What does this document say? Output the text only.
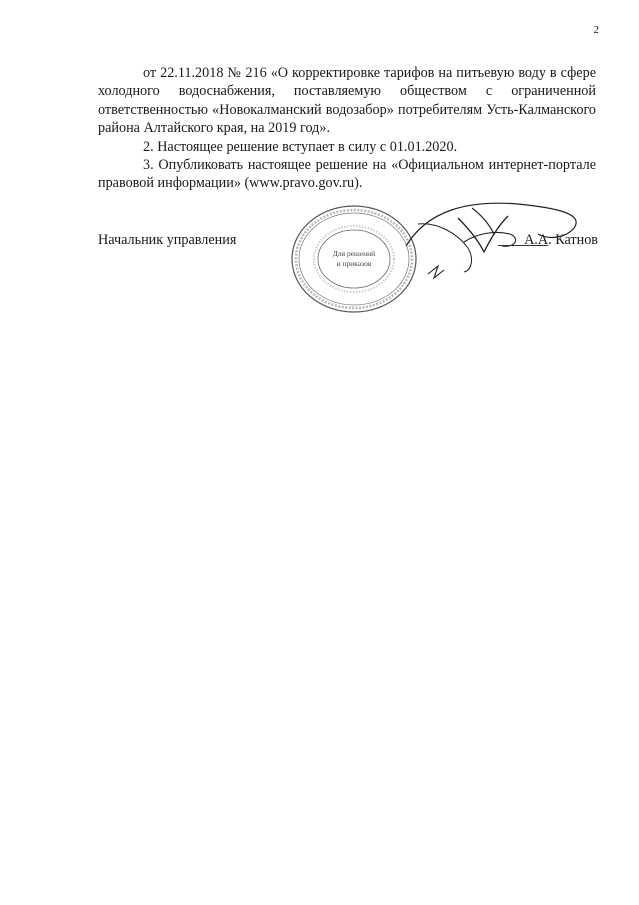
2

от 22.11.2018 № 216 «О корректировке тарифов на питьевую воду в сфере холодного водоснабжения, поставляемую обществом с ограниченной ответственностью «Новокалманский водозабор» потребителям Усть-Калманского района Алтайского края, на 2019 год».

2. Настоящее решение вступает в силу с 01.01.2020.

3. Опубликовать настоящее решение на «Официальном интернет-портале правовой информации» (www.pravo.gov.ru).

Начальник управления
Для решений
и приказов
А.А. Катнов
